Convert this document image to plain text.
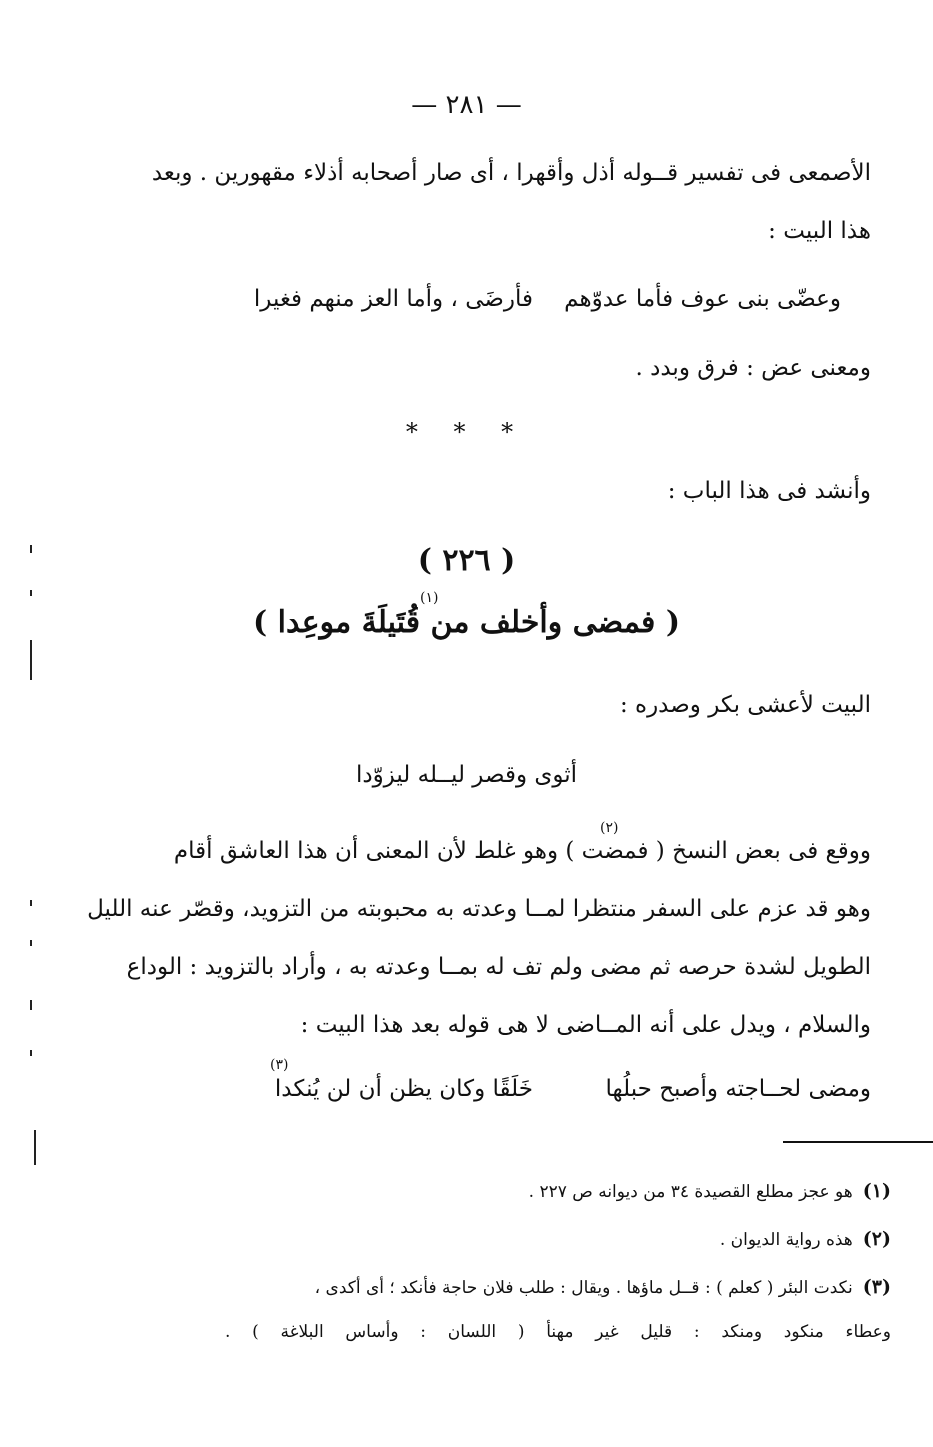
— ٢٨١ —

الأصمعى فى تفسير قــوله أذل وأقهرا ، أى صار أصحابه أذلاء مقهورين . وبعد

هذا البيت :

وعضّى بنى عوف فأما عدوّهم

فأرضَى ، وأما العز منهم فغيرا

ومعنى عض : فرق وبدد .

* * *

وأنشد فى هذا الباب :

( ٢٢٦ )
(١)
( فمضى وأخلف من قُتَيلَةَ موعِدا )

البيت لأعشى بكر وصدره :

أثوى وقصر ليــله ليزوّدا
(٢)

ووقع فى بعض النسخ ( فمضت ) وهو غلط لأن المعنى أن هذا العاشق أقام

وهو قد عزم على السفر منتظرا لمــا وعدته به محبوبته من التزويد، وقصّر عنه الليل

الطويل لشدة حرصه ثم مضى ولم تف له بمــا وعدته به ، وأراد بالتزويد : الوداع

والسلام ، ويدل على أنه المــاضى لا هى قوله بعد هذا البيت :

(٣)

ومضى لحــاجته وأصبح حبلُها

خَلَقًا وكان يظن أن لن يُنكدا

(١)هو عجز مطلع القصيدة ٣٤ من ديوانه ص ٢٢٧ .

(٢)هذه رواية الديوان .

(٣)نكدت البئر ( كعلم ) : قــل ماؤها . ويقال : طلب فلان حاجة فأنكد ؛ أى أكدى ،

وعطاء منكود ومنكد : قليل غير مهنأ ( اللسان : وأساس البلاغة ) .
